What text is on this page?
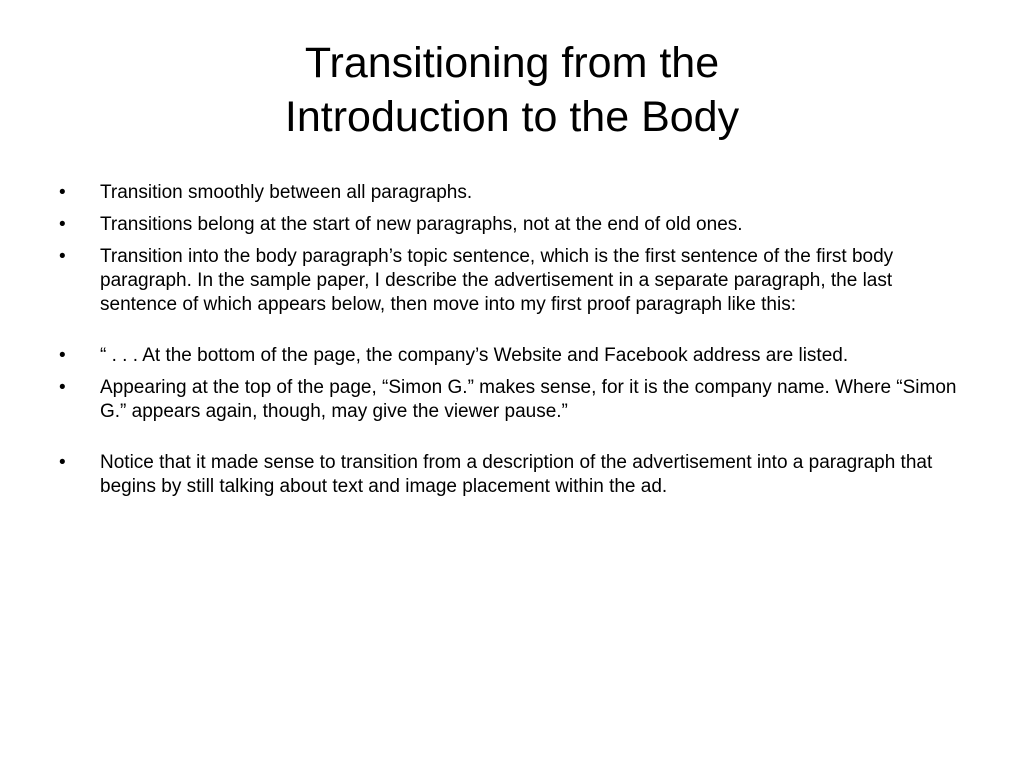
Transitioning from the
Introduction to the Body
•	Transition smoothly between all paragraphs.
•	Transitions belong at the start of new paragraphs, not at the end of old ones.
•	Transition into the body paragraph’s topic sentence, which is the first sentence of the first body paragraph. In the sample paper, I describe the advertisement in a separate paragraph, the last sentence of which appears below, then move into my first proof paragraph like this:
•	“ . . . At the bottom of the page, the company’s Website and Facebook address are listed.
•	Appearing at the top of the page, “Simon G.” makes sense, for it is the company name. Where “Simon G.” appears again, though, may give the viewer pause.”
•	Notice that it made sense to transition from a description of the advertisement into a paragraph that begins by still talking about text and image placement within the ad.
